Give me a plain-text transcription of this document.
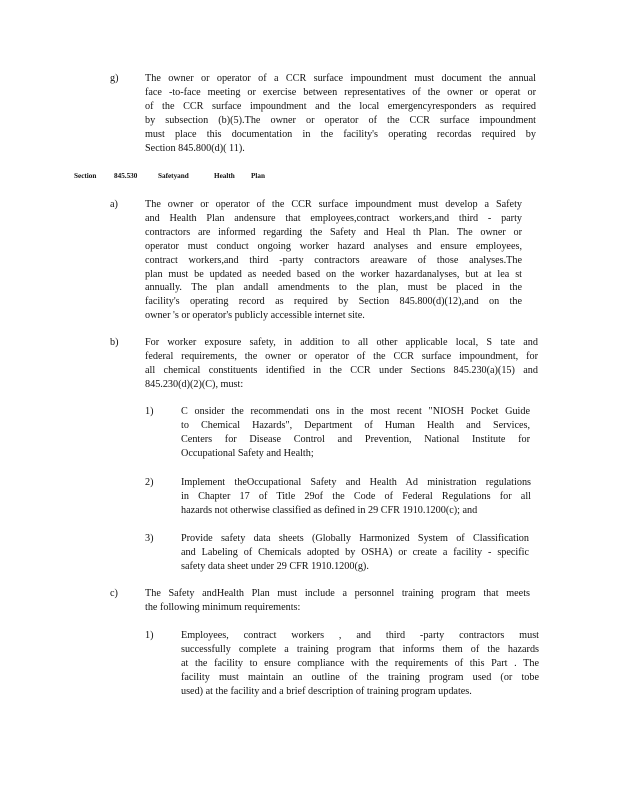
g)	The owner or operator of a CCR surface impoundment must document the annual
face -to-face meeting or exercise between representatives of the owner or operat or
of the CCR surface impoundment and the local emergencyresponders as required
by subsection (b)(5).The owner or operator of the CCR surface impoundment
must place this documentation in the facility's operating recordas required by
Section 845.800(d)( 11).
Section 845.530	Safetyand	Health Plan
a)	The owner or operator of the CCR surface impoundment must develop a Safety
and Health Plan andensure that employees,contract workers,and third - party
contractors are informed regarding the Safety and Heal th Plan. The owner or
operator must conduct ongoing worker hazard analyses and ensure employees,
contract workers,and third -party contractors areaware of those analyses.The
plan must be updated as needed based on the worker hazardanalyses, but at lea st
annually. The plan andall amendments to the plan, must be placed in the
facility's operating record as required by Section 845.800(d)(12),and on the
owner 's or operator's publicly accessible internet site.
b)	For worker exposure safety, in addition to all other applicable local, S tate and
federal requirements, the owner or operator of the CCR surface impoundment, for
all chemical constituents identified in the CCR under Sections 845.230(a)(15) and
845.230(d)(2)(C), must:
1)	C onsider the recommendati ons in the most recent "NIOSH Pocket Guide
to Chemical Hazards", Department of Human Health and Services,
Centers for Disease Control and Prevention, National Institute for
Occupational Safety and Health;
2)	Implement theOccupational Safety and Health Ad ministration regulations
in Chapter 17 of Title 29of the Code of Federal Regulations for all
hazards not otherwise classified as defined in 29 CFR 1910.1200(c); and
3)	Provide safety data sheets (Globally Harmonized System of Classification
and Labeling of Chemicals adopted by OSHA) or create a facility - specific
safety data sheet under 29 CFR 1910.1200(g).
c)	The Safety andHealth Plan must include a personnel training program that meets
the following minimum requirements:
1)	Employees, contract workers , and third -party contractors must
successfully complete a training program that informs them of the hazards
at the facility to ensure compliance with the requirements of this Part . The
facility must maintain an outline of the training program used (or tobe
used) at the facility and a brief description of training program updates.
